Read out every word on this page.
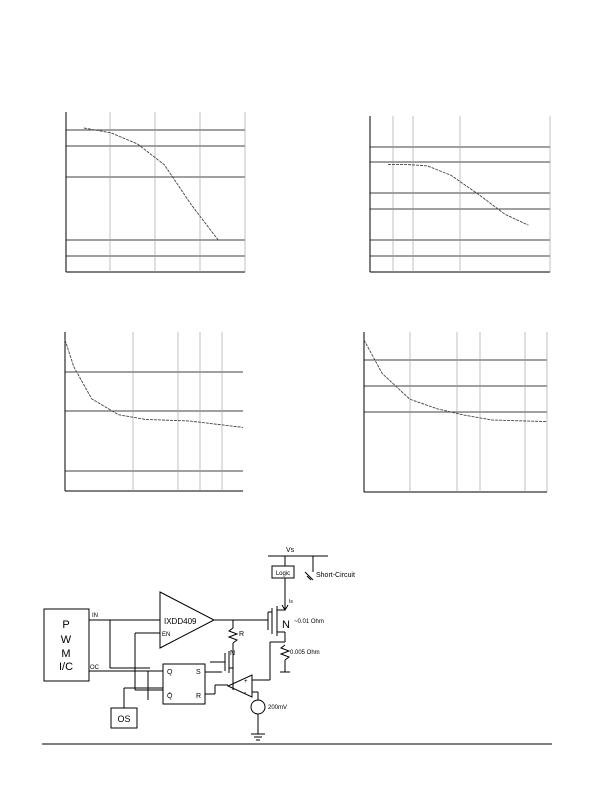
P
W
M
I/C
IN
OC
IXDD409
EN	R
N
Q	S
Q̄	R
OS
Vs
Logic	Short-Circuit
Is
N ~0.01 Ohm
0.005 Ohm
200mV
+
-
